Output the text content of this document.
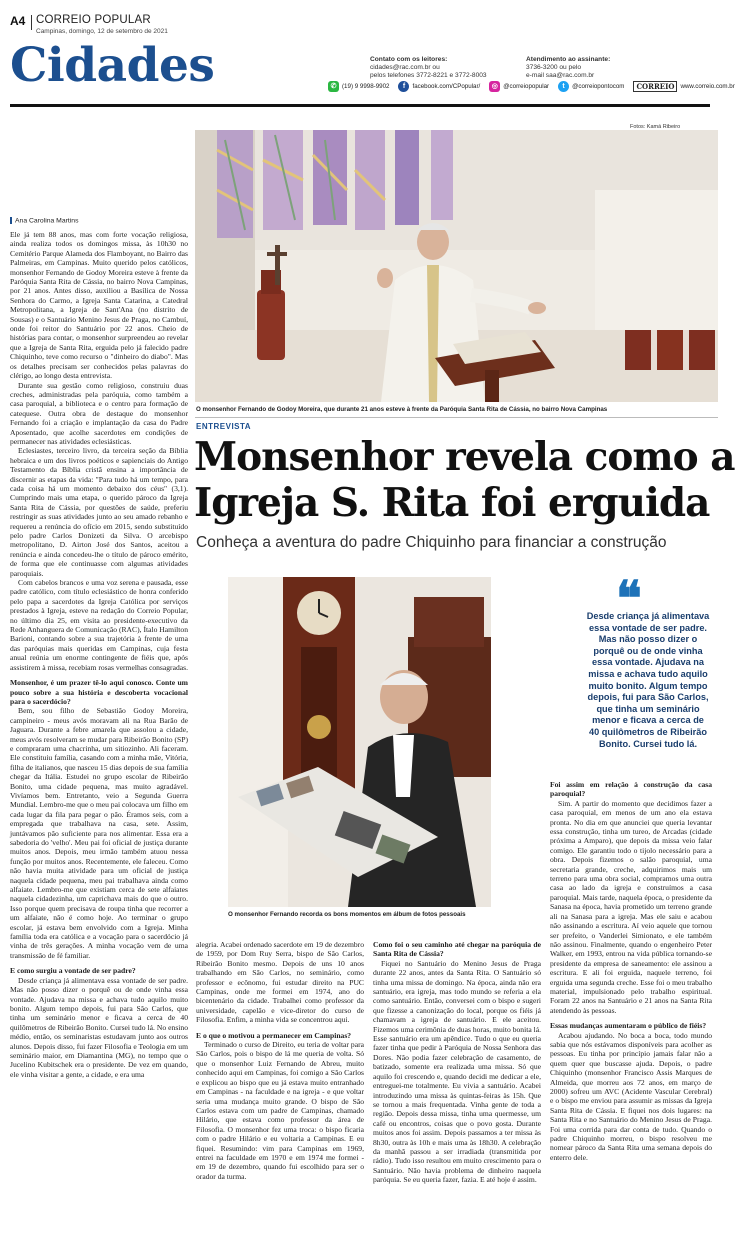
A4 CORREIO POPULAR
Campinas, domingo, 12 de setembro de 2021
Cidades	Contato com os leitores:
cidades@rac.com.br ou
pelos telefones 3772-8221 e 3772-8003
Atendimento ao assinante:
3736-3200 ou pelo
e-mail saa@rac.com.br
✆ (19) 9 9998-9902	f	facebook.com/CPopular/	◎ @correiopopular	t	@correiopontocom	CORREIO www.correio.com.br
Fotos: Kamá Ribeiro
O monsenhor Fernando de Godoy Moreira, que durante 21 anos esteve à frente da Paróquia Santa Rita de Cássia, no bairro Nova Campinas
Ana Carolina Martins

Ele já tem 88 anos, mas com forte vocação religiosa, ainda realiza todos os domingos missa, às 10h30 no Cemitério Parque Alameda dos Flamboyant, no Bairro das Palmeiras, em Campinas. Muito querido pelos católicos, monsenhor Fernando de Godoy Moreira esteve à frente da Paróquia Santa Rita de Cássia, no bairro Nova Campinas, por 21 anos. Antes disso, auxiliou a Basílica de Nossa Senhora do Carmo, a Igreja Santa Catarina, a Catedral Metropolitana, a Igreja de Sant'Ana (no distrito de Sousas) e o Santuário Menino Jesus de Praga, no Cambuí, onde foi reitor do Santuário por 22 anos. Cheio de histórias para contar, o monsenhor surpreendeu ao revelar que a Igreja de Santa Rita, erguida pelo já falecido padre Chiquinho, teve como recurso o "dinheiro do diabo". Mas os detalhes precisam ser conhecidos pelas palavras do clérigo, ao longo desta entrevista.

Durante sua gestão como religioso, construiu duas creches, administradas pela paróquia, como também a casa paroquial, a biblioteca e o centro para formação de catequese. Outra obra de destaque do monsenhor Fernando foi a criação e implantação da casa do Padre Aposentado, que acolhe sacerdotes em condições de permanecer nas atividades eclesiásticas.

Eclesiastes, terceiro livro, da terceira seção da Bíblia hebraica e um dos livros poéticos e sapienciais do Antigo Testamento da Bíblia cristã ensina a importância de discernir as etapas da vida: "Para tudo há um tempo, para cada coisa há um momento debaixo dos céus" (3,1). Cumprindo mais uma etapa, o querido pároco da Igreja Santa Rita de Cássia, por questões de saúde, preferiu restringir as suas atividades junto ao seu amado rebanho e requereu a renúncia do ofício em 2015, sendo substituído pelo padre Carlos Donizeti da Silva. O arcebispo metropolitano, D. Airton José dos Santos, aceitou a renúncia e ainda concedeu-lhe o título de pároco emérito, de forma que ele continuasse com algumas atividades paroquiais.

Com cabelos brancos e uma voz serena e pausada, esse padre católico, com título eclesiástico de honra conferido pelo papa a sacerdotes da Igreja Católica por serviços prestados à Igreja, esteve na redação do Correio Popular, no último dia 25, em visita ao presidente-executivo da Rede Anhanguera de Comunicação (RAC), Ítalo Hamilton Barioni, contando sobre a sua trajetória à frente de uma das paróquias mais queridas em Campinas, cuja festa anual reúnia um enorme contingente de fiéis que, após assistirem à missa, recebiam rosas vermelhas consagradas.

Monsenhor, é um prazer tê-lo aqui conosco. Conte um pouco sobre a sua história e descoberta vocacional para o sacerdócio?

Bem, sou filho de Sebastião Godoy Moreira, campineiro - meus avós moravam ali na Rua Barão de Jaguara. Durante a febre amarela que assolou a cidade, meus avós resolveram se mudar para Ribeirão Bonito (SP) e compraram uma chacrinha, um sitiozinho. Ali faceram. Ele constituiu família, casando com a minha mãe, Vitória, filha de italianos, que nasceu 15 dias depois de sua família chegar da Itália. Estudei no grupo escolar de Ribeirão Bonito, uma cidade pequena, mas muito agradável. Vivíamos bem. Entretanto, veio a Segunda Guerra Mundial. Lembro-me que o meu pai colocava um filho em cada lugar da fila para pegar o pão. Éramos seis, com a empregada que trabalhava na casa, sete. Assim, juntávamos pão suficiente para nos alimentar. Essa era a sabedoria do 'velho'. Meu pai foi oficial de justiça durante muitos anos. Depois, meu irmão também atuou nessa função por muitos anos. Recentemente, ele faleceu. Como não havia muita atividade para um oficial de justiça naquela cidade pequena, meu pai trabalhava ainda como alfaiate. Lembro-me que existiam cerca de sete alfaiates naquela cidadezinha, um caprichava mais do que o outro. Isso porque quem precisava de roupa tinha que recorrer a um alfaiate, não é como hoje. Ao terminar o grupo escolar, já estava bem envolvido com a Igreja. Minha família toda era católica e a vocação para o sacerdócio já vinha de três gerações. A minha vocação vem de uma transmissão de fé familiar.

E como surgiu a vontade de ser padre?

Desde criança já alimentava essa vontade de ser padre. Mas não posso dizer o porquê ou de onde vinha essa vontade. Ajudava na missa e achava tudo aquilo muito bonito. Algum tempo depois, fui para São Carlos, que tinha um seminário menor e ficava a cerca de 40 quilômetros de Ribeirão Bonito. Cursei tudo lá. No ensino médio, então, os seminaristas estudavam junto aos outros alunos. Depois disso, fui fazer Filosofia e Teologia em um seminário maior, em Diamantina (MG), no tempo que o Jucelino Kubitschek era o presidente. De vez em quando, ele vinha visitar a gente, a cidade, e era uma

ENTREVISTA
Monsenhor revela como a
Igreja S. Rita foi erguida
Conheça a aventura do padre Chiquinho para financiar a construção
O monsenhor Fernando recorda os bons momentos em álbum de fotos pessoais
❝
Desde criança já alimentava essa vontade de ser padre. Mas não posso dizer o porquê ou de onde vinha essa vontade. Ajudava na missa e achava tudo aquilo muito bonito. Algum tempo depois, fui para São Carlos, que tinha um seminário menor e ficava a cerca de 40 quilômetros de Ribeirão Bonito. Cursei tudo lá.

alegria. Acabei ordenado sacerdote em 19 de dezembro de 1959, por Dom Ruy Serra, bispo de São Carlos, Ribeirão Bonito mesmo. Depois de uns 10 anos trabalhando em São Carlos, no seminário, como professor e ecônomo, fui estudar direito na PUC Campinas, onde me formei em 1974, ano do bicentenário da cidade. Trabalhei como professor da universidade, capelão e vice-diretor do curso de Filosofia. Enfim, a minha vida se concentrou aqui.

E o que o motivou a permanecer em Campinas?

Terminado o curso de Direito, eu teria de voltar para São Carlos, pois o bispo de lá me queria de volta. Só que o monsenhor Luiz Fernando de Abreu, muito conhecido aqui em Campinas, foi comigo a São Carlos e explicou ao bispo que eu já estava muito entranhado em Campinas - na faculdade e na igreja - e que voltar seria uma mudança muito grande. O bispo de São Carlos estava com um padre de Campinas, chamado Hilário, que estava como professor da área de Filosofia. O monsenhor fez uma troca: o bispo ficaria com o padre Hilário e eu voltaria a Campinas. E eu fiquei. Resumindo: vim para Campinas em 1969, entrei na faculdade em 1970 e em 1974 me formei - em 19 de dezembro, quando fui escolhido para ser o orador da turma.

Como foi o seu caminho até chegar na paróquia de Santa Rita de Cássia?

Fiquei no Santuário do Menino Jesus de Praga durante 22 anos, antes da Santa Rita. O Santuário só tinha uma missa de domingo. Na época, ainda não era santuário, era igreja, mas todo mundo se referia a ela como santuário. Então, conversei com o bispo e sugeri que fizesse a canonização do local, porque os fiéis já chamavam a igreja de santuário. E ele aceitou. Fizemos uma cerimônia de duas horas, muito bonita lá. Esse santuário era um apêndice. Tudo o que eu queria fazer tinha que pedir à Paróquia de Nossa Senhora das Dores. Não podia fazer celebração de casamento, de batizado, somente era realizada uma missa. Só que aquilo foi crescendo e, quando decidi me dedicar a ele, entreguei-me totalmente. Eu vivia a santuário. Acabei introduzindo uma missa às quintas-feiras às 15h. Que se tornou a mais frequentada. Vinha gente de toda a região. Depois dessa missa, tinha uma quermesse, um café ou encontros, coisas que o povo gosta. Durante muitos anos foi assim. Depois passamos a ter missa às 8h30, outra às 10h e mais uma às 18h30. A celebração da manhã passou a ser irradiada (transmitida por rádio). Tudo isso resultou em muito crescimento para o Santuário. Não havia problema de dinheiro naquela paróquia. Se eu queria fazer, fazia. E até hoje é assim.

Foi assim em relação à construção da casa paroquial?

Sim. A partir do momento que decidimos fazer a casa paroquial, em menos de um ano ela estava pronta. No dia em que anunciei que queria levantar essa construção, tinha um tureo, de Arcadas (cidade próxima a Amparo), que depois da missa veio falar comigo. Ele garantiu todo o tijolo necessário para a obra. Depois fizemos o salão paroquial, uma secretaria grande, creche, adquirimos mais um terreno para uma obra social, compramos uma outra casa ao lado da igreja e construímos a casa paroquial. Mais tarde, naquela época, o presidente da Sanasa na época, havia prometido um terreno grande ali na Sanasa para a igreja. Mas ele saiu e acabou não assinando a escritura. Aí veio aquele que tornou ser prefeito, o Vanderlei Simionato, e ele também não assinou. Finalmente, quando o engenheiro Peter Walker, em 1993, entrou na vida pública tornando-se presidente da empresa de saneamento: ele assinou a escritura. E ali foi erguida, naquele terreno, foi erguida uma segunda creche. Esse foi o meu trabalho material, impulsionado pelo trabalho espiritual. Foram 22 anos na Santuário e 21 anos na Santa Rita atendendo às pessoas.

Essas mudanças aumentaram o público de fiéis?

Acabou ajudando. No boca a boca, todo mundo sabia que nós estávamos disponíveis para acolher as pessoas. Eu tinha por princípio jamais falar não a quem quer que buscasse ajuda. Depois, o padre Chiquinho (monsenhor Francisco Assis Marques de Almeida, que morreu aos 72 anos, em março de 2000) sofreu um AVC (Acidente Vascular Cerebral) e o bispo me enviou para assumir as missas da Igreja Santa Rita de Cássia. E fiquei nos dois lugares: na Santa Rita e no Santuário do Menino Jesus de Praga. Foi uma corrida para dar conta de tudo. Quando o padre Chiquinho morreu, o bispo resolveu me nomear pároco da Santa Rita uma semana depois do enterro dele.
